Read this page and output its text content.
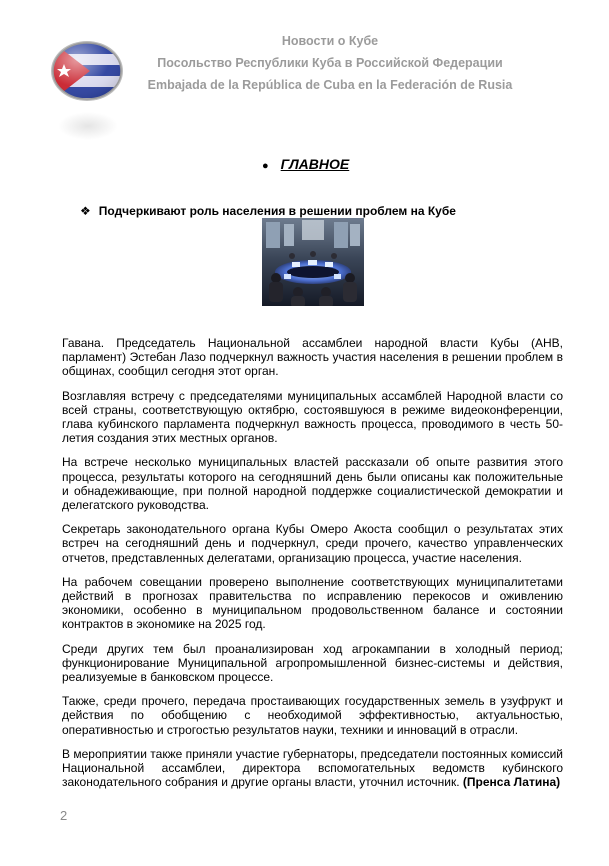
Новости о Кубе
Посольство Республики Куба в Российской Федерации
Embajada de la República de Cuba en la Federación de Rusia
● ГЛАВНОЕ
❖ Подчеркивают роль населения в решении проблем на Кубе

Гавана. Председатель Национальной ассамблеи народной власти Кубы (АНВ, парламент) Эстебан Лазо подчеркнул важность участия населения в решении проблем в общинах, сообщил сегодня этот орган.

Возглавляя встречу с председателями муниципальных ассамблей Народной власти со всей страны, соответствующую октябрю, состоявшуюся в режиме видеоконференции, глава кубинского парламента подчеркнул важность процесса, проводимого в честь 50-летия создания этих местных органов.

На встрече несколько муниципальных властей рассказали об опыте развития этого процесса, результаты которого на сегодняшний день были описаны как положительные и обнадеживающие, при полной народной поддержке социалистической демократии и делегатского руководства.

Секретарь законодательного органа Кубы Омеро Акоста сообщил о результатах этих встреч на сегодняшний день и подчеркнул, среди прочего, качество управленческих отчетов, представленных делегатами, организацию процесса, участие населения.

На рабочем совещании проверено выполнение соответствующих муниципалитетами действий в прогнозах правительства по исправлению перекосов и оживлению экономики, особенно в муниципальном продовольственном балансе и состоянии контрактов в экономике на 2025 год.

Среди других тем был проанализирован ход агрокампании в холодный период; функционирование Муниципальной агропромышленной бизнес-системы и действия, реализуемые в банковском процессе.

Также, среди прочего, передача простаивающих государственных земель в узуфрукт и действия по обобщению с необходимой эффективностью, актуальностью, оперативностью и строгостью результатов науки, техники и инноваций в отрасли.

В мероприятии также приняли участие губернаторы, председатели постоянных комиссий Национальной ассамблеи, директора вспомогательных ведомств кубинского законодательного собрания и другие органы власти, уточнил источник. (Пренса Латина)

2
